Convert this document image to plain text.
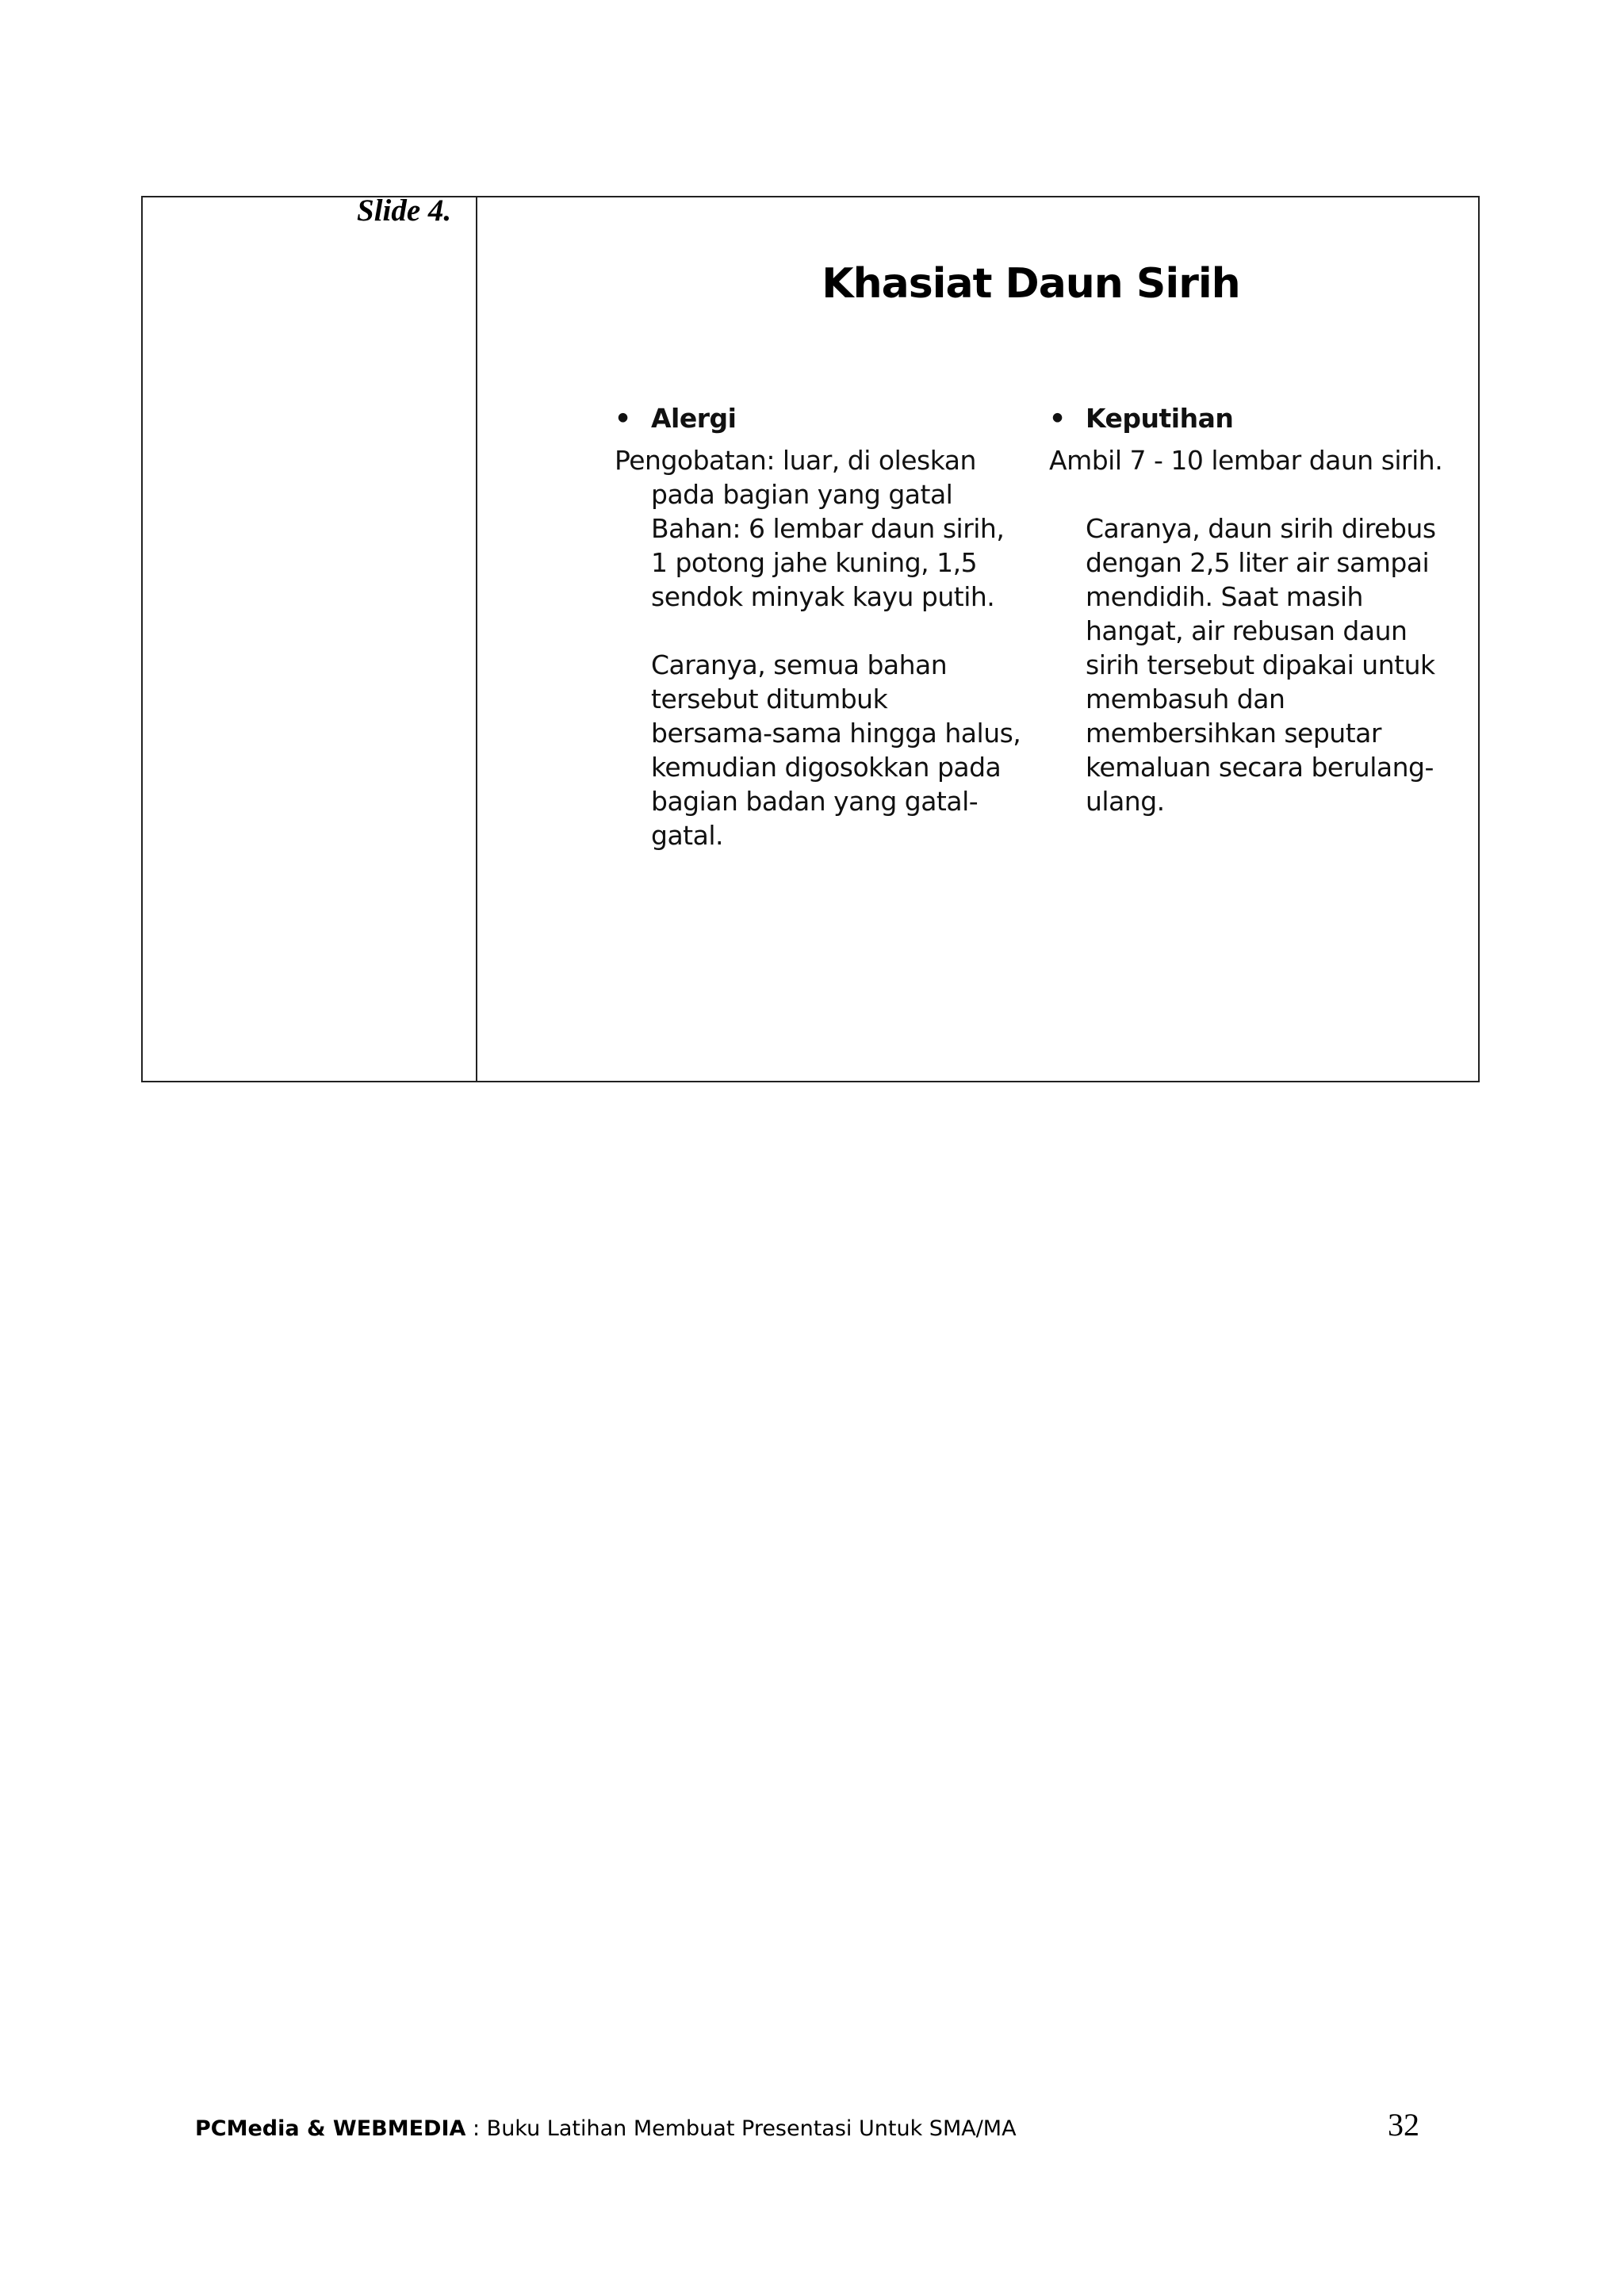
Slide 4.
Khasiat Daun Sirih
• Alergi

Pengobatan: luar, di oleskan

pada bagian yang gatal

Bahan: 6 lembar daun sirih,

1 potong jahe kuning, 1,5

sendok minyak kayu putih.

Caranya, semua bahan

tersebut ditumbuk

bersama-sama hingga halus,

kemudian digosokkan pada

bagian badan yang gatal-

gatal.

• Keputihan

Ambil 7 - 10 lembar daun sirih.

Caranya, daun sirih direbus

dengan 2,5 liter air sampai

mendidih. Saat masih

hangat, air rebusan daun

sirih tersebut dipakai untuk

membasuh dan

membersihkan seputar

kemaluan secara berulang-

ulang.

PCMedia & WEBMEDIA : Buku Latihan Membuat Presentasi Untuk SMA/MA	32
